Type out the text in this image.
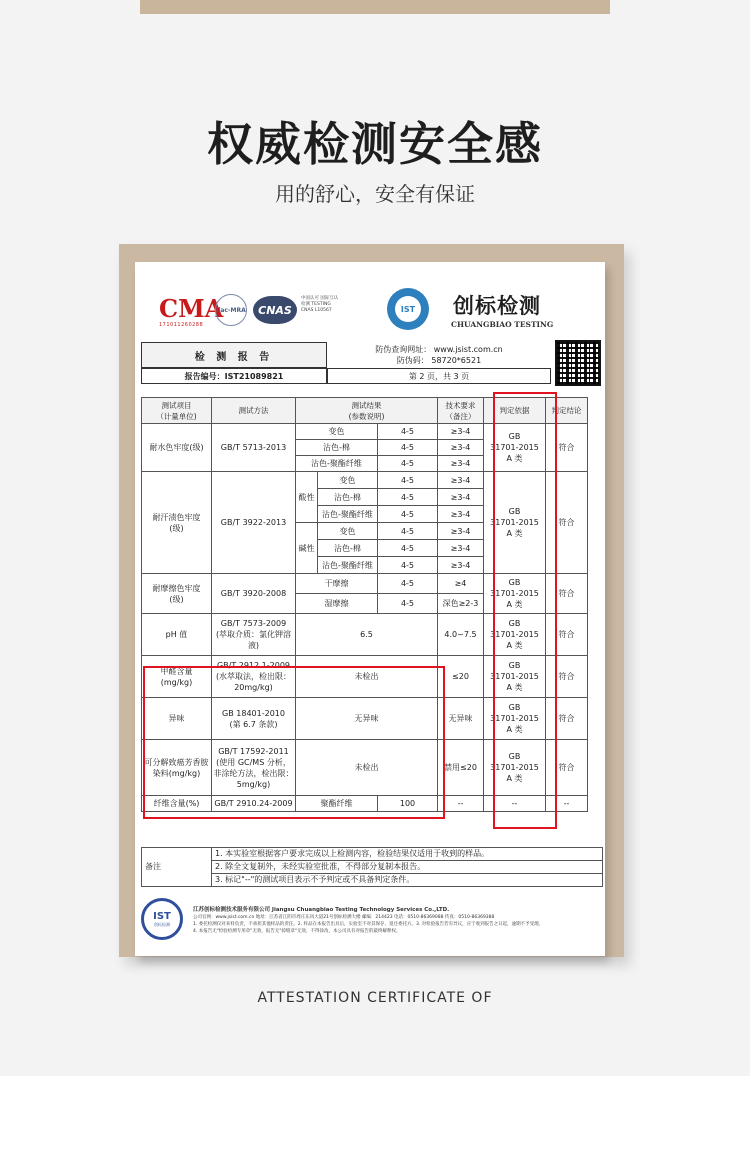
权威检测安全感
用的舒心，安全有保证
CMA
171011260288
ilac-MRA	CNAS
中国认可 国际互认 检测 TESTING CNAS L10567	IST 创标检测
CHUANGBIAO TESTING
检 测 报 告
报告编号：IST21089821
防伪查询网址： www.jsist.com.cn
防伪码： 58720*6521
第 2 页，共 3 页
测试项目
（计量单位)	测试方法	测试结果
(参数说明)			技术要求
（备注）	判定依据	判定结论
耐水色牢度(级)	GB/T 5713-2013	变色		4-5	≥3-4	GB
31701-2015
A 类	符合
		沾色-棉		4-5	≥3-4		
		沾色-聚酯纤维		4-5	≥3-4		
耐汗渍色牢度
(级)	GB/T 3922-2013	酸性	变色	4-5	≥3-4	GB
31701-2015
A 类	符合
			沾色-棉	4-5	≥3-4		
			沾色-聚酯纤维	4-5	≥3-4		
		碱性	变色	4-5	≥3-4		
			沾色-棉	4-5	≥3-4		
			沾色-聚酯纤维	4-5	≥3-4		
耐摩擦色牢度
(级)	GB/T 3920-2008	干摩擦		4-5	≥4	GB
31701-2015
A 类	符合
		湿摩擦		4-5	深色≥2-3		
pH 值	GB/T 7573-2009
(萃取介质：氯化钾溶液)	6.5			4.0~7.5	GB
31701-2015
A 类	符合
甲醛含量
(mg/kg)	GB/T 2912.1-2009
(水萃取法，检出限：20mg/kg)	未检出			≤20	GB
31701-2015
A 类	符合
异味	GB 18401-2010
(第 6.7 条款)	无异味			无异味	GB
31701-2015
A 类	符合
可分解致癌芳香胺染料(mg/kg)	GB/T 17592-2011
(使用 GC/MS 分析，非涂纶方法，检出限：5mg/kg)	未检出			禁用≤20	GB
31701-2015
A 类	符合
纤维含量(%)	GB/T 2910.24-2009	聚酯纤维		100	--	--	--
备注	1. 本实验室根据客户要求完成以上检测内容，检验结果仅适用于收到的样品。
2. 除全文复制外，未经实验室批准，不得部分复制本报告。
3. 标记"--"的测试项目表示不予判定或不具备判定条件。
IST
创标检测
江苏创标检测技术服务有限公司 Jiangsu Chuangbiao Testing Technology Services Co.,LTD.
公司官网：www.jsist.com.cn 地址：江苏省江阴市周庄东风大道21号创标检测大楼 邮编：214423 电话：0510-86369088 传真：0510-86369388
1. 委托检测仅对来样负责，不承担其他样品的责任。2. 样品在本报告出具后，实验室不对其保存，退还委托方。3. 对检验报告若有异议，应于收到报告之日起，逾期不予受理。
4. 本报告无"检验检测专用章"无效，报告无"骑缝章"无效，不得涂改，本公司具有对报告的最终解释权。
ATTESTATION CERTIFICATE OF
